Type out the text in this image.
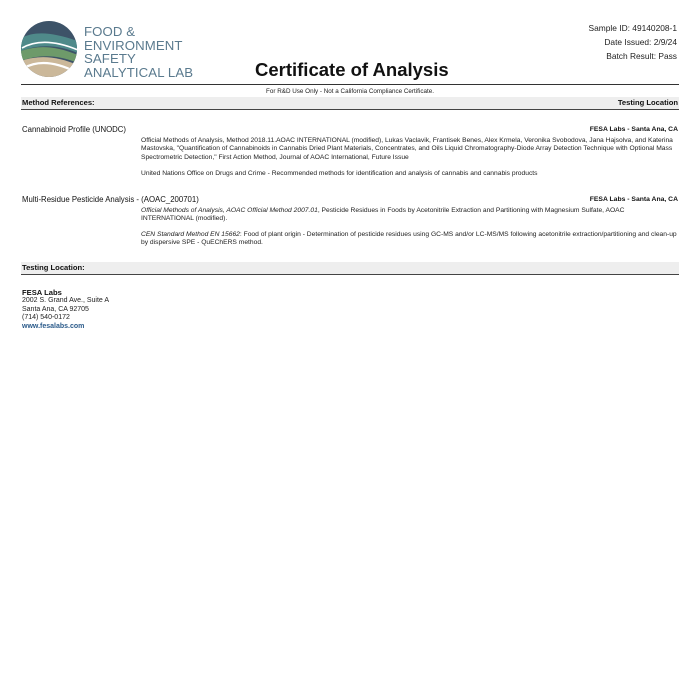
FOOD &
ENVIRONMENT
SAFETY
ANALYTICAL LAB	Certificate of Analysis
Sample ID: 49140208-1
Date Issued: 2/9/24
Batch Result: Pass
For R&D Use Only - Not a California Compliance Certificate.
Method References:	Testing Location
Cannabinoid Profile (UNODC)	FESA Labs - Santa Ana, CA
Official Methods of Analysis, Method 2018.11.AOAC INTERNATIONAL (modified), Lukas Vaclavik, Frantisek Benes, Alex Krmela, Veronika Svobodova, Jana Hajsolva, and Katerina Mastovska, "Quantification of Cannabinoids in Cannabis Dried Plant Materials, Concentrates, and Oils Liquid Chromatography-Diode Array Detection Technique with Optional Mass Spectrometric Detection," First Action Method, Journal of AOAC International, Future Issue
United Nations Office on Drugs and Crime - Recommended methods for identification and analysis of cannabis and cannabis products
Multi-Residue Pesticide Analysis - (AOAC_200701)	FESA Labs - Santa Ana, CA
Official Methods of Analysis, AOAC Official Method 2007.01, Pesticide Residues in Foods by Acetonitrile Extraction and Partitioning with Magnesium Sulfate, AOAC INTERNATIONAL (modified).
CEN Standard Method EN 15662: Food of plant origin - Determination of pesticide residues using GC-MS and/or LC-MS/MS following acetonitrile extraction/partitioning and clean-up by dispersive SPE - QuEChERS method.
Testing Location:
FESA Labs
2002 S. Grand Ave., Suite A
Santa Ana, CA 92705
(714) 540-0172
www.fesalabs.com
